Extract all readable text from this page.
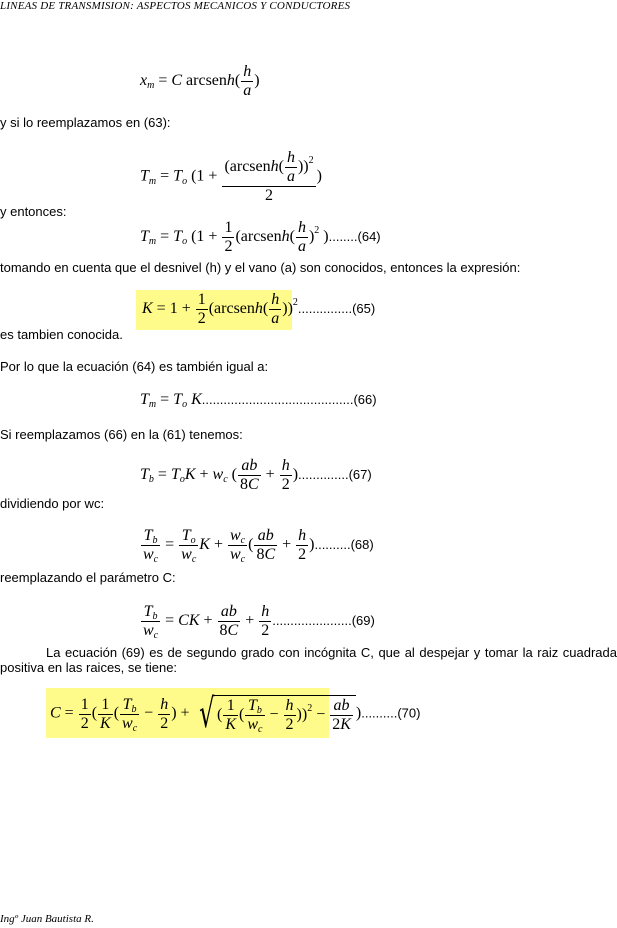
LINEAS DE TRANSMISION: ASPECTOS MECANICOS Y CONDUCTORES
xm = C arcsenh( $\frac{h}{a}$ )
y si lo reemplazamos en (63):
Tm = To ($1 + \frac{(arcsenh( \frac{h}{a} ))^2}{2}$ )
y entonces:
Tm = To ($1 + \frac{1}{2}$ (arcsenh( $\frac{h}{a} )^2$ )........(64)
tomando en cuenta que el desnivel (h) y el vano (a) son conocidos, entonces la expresión:
$K = 1 + \frac{1}{2}$ (arcsenh( $\frac{h}{a} ))^2...............(65)$
es tambien conocida.
Por lo que la ecuación (64) es también igual a:
Tm = To K..........................................(66)
Si reemplazamos (66) en la (61) tenemos:
Tb = ToK + wc ( $\frac{ab}{8C} + \frac{h}{2} )..............(67)$
dividiendo por wc:
$\frac{Tb}{wc} = \frac{To}{wc}$ $K + \frac{wc}{wc}$ ( $\frac{ab}{8C} + \frac{h}{2} )..........(68)$
reemplazando el parámetro C:
$\frac{Tb}{wc}$ = CK + $\frac{ab}{8C} + \frac{h}{2} ......................(69)$
La ecuación (69) es de segundo grado con incógnita C, que al despejar y tomar la raiz cuadrada positiva en las raices, se tiene:
$C = \frac{1}{2}$ ( $\frac{1}{K}$ ( $\frac{Tb}{wc} - \frac{h}{2}$ ) + √( $\frac{1}{K}$ ( $\frac{Tb}{wc} - \frac{h}{2} ))^2 - \frac{ab}{2K} )..........(70)$
Ingº Juan Bautista R.
